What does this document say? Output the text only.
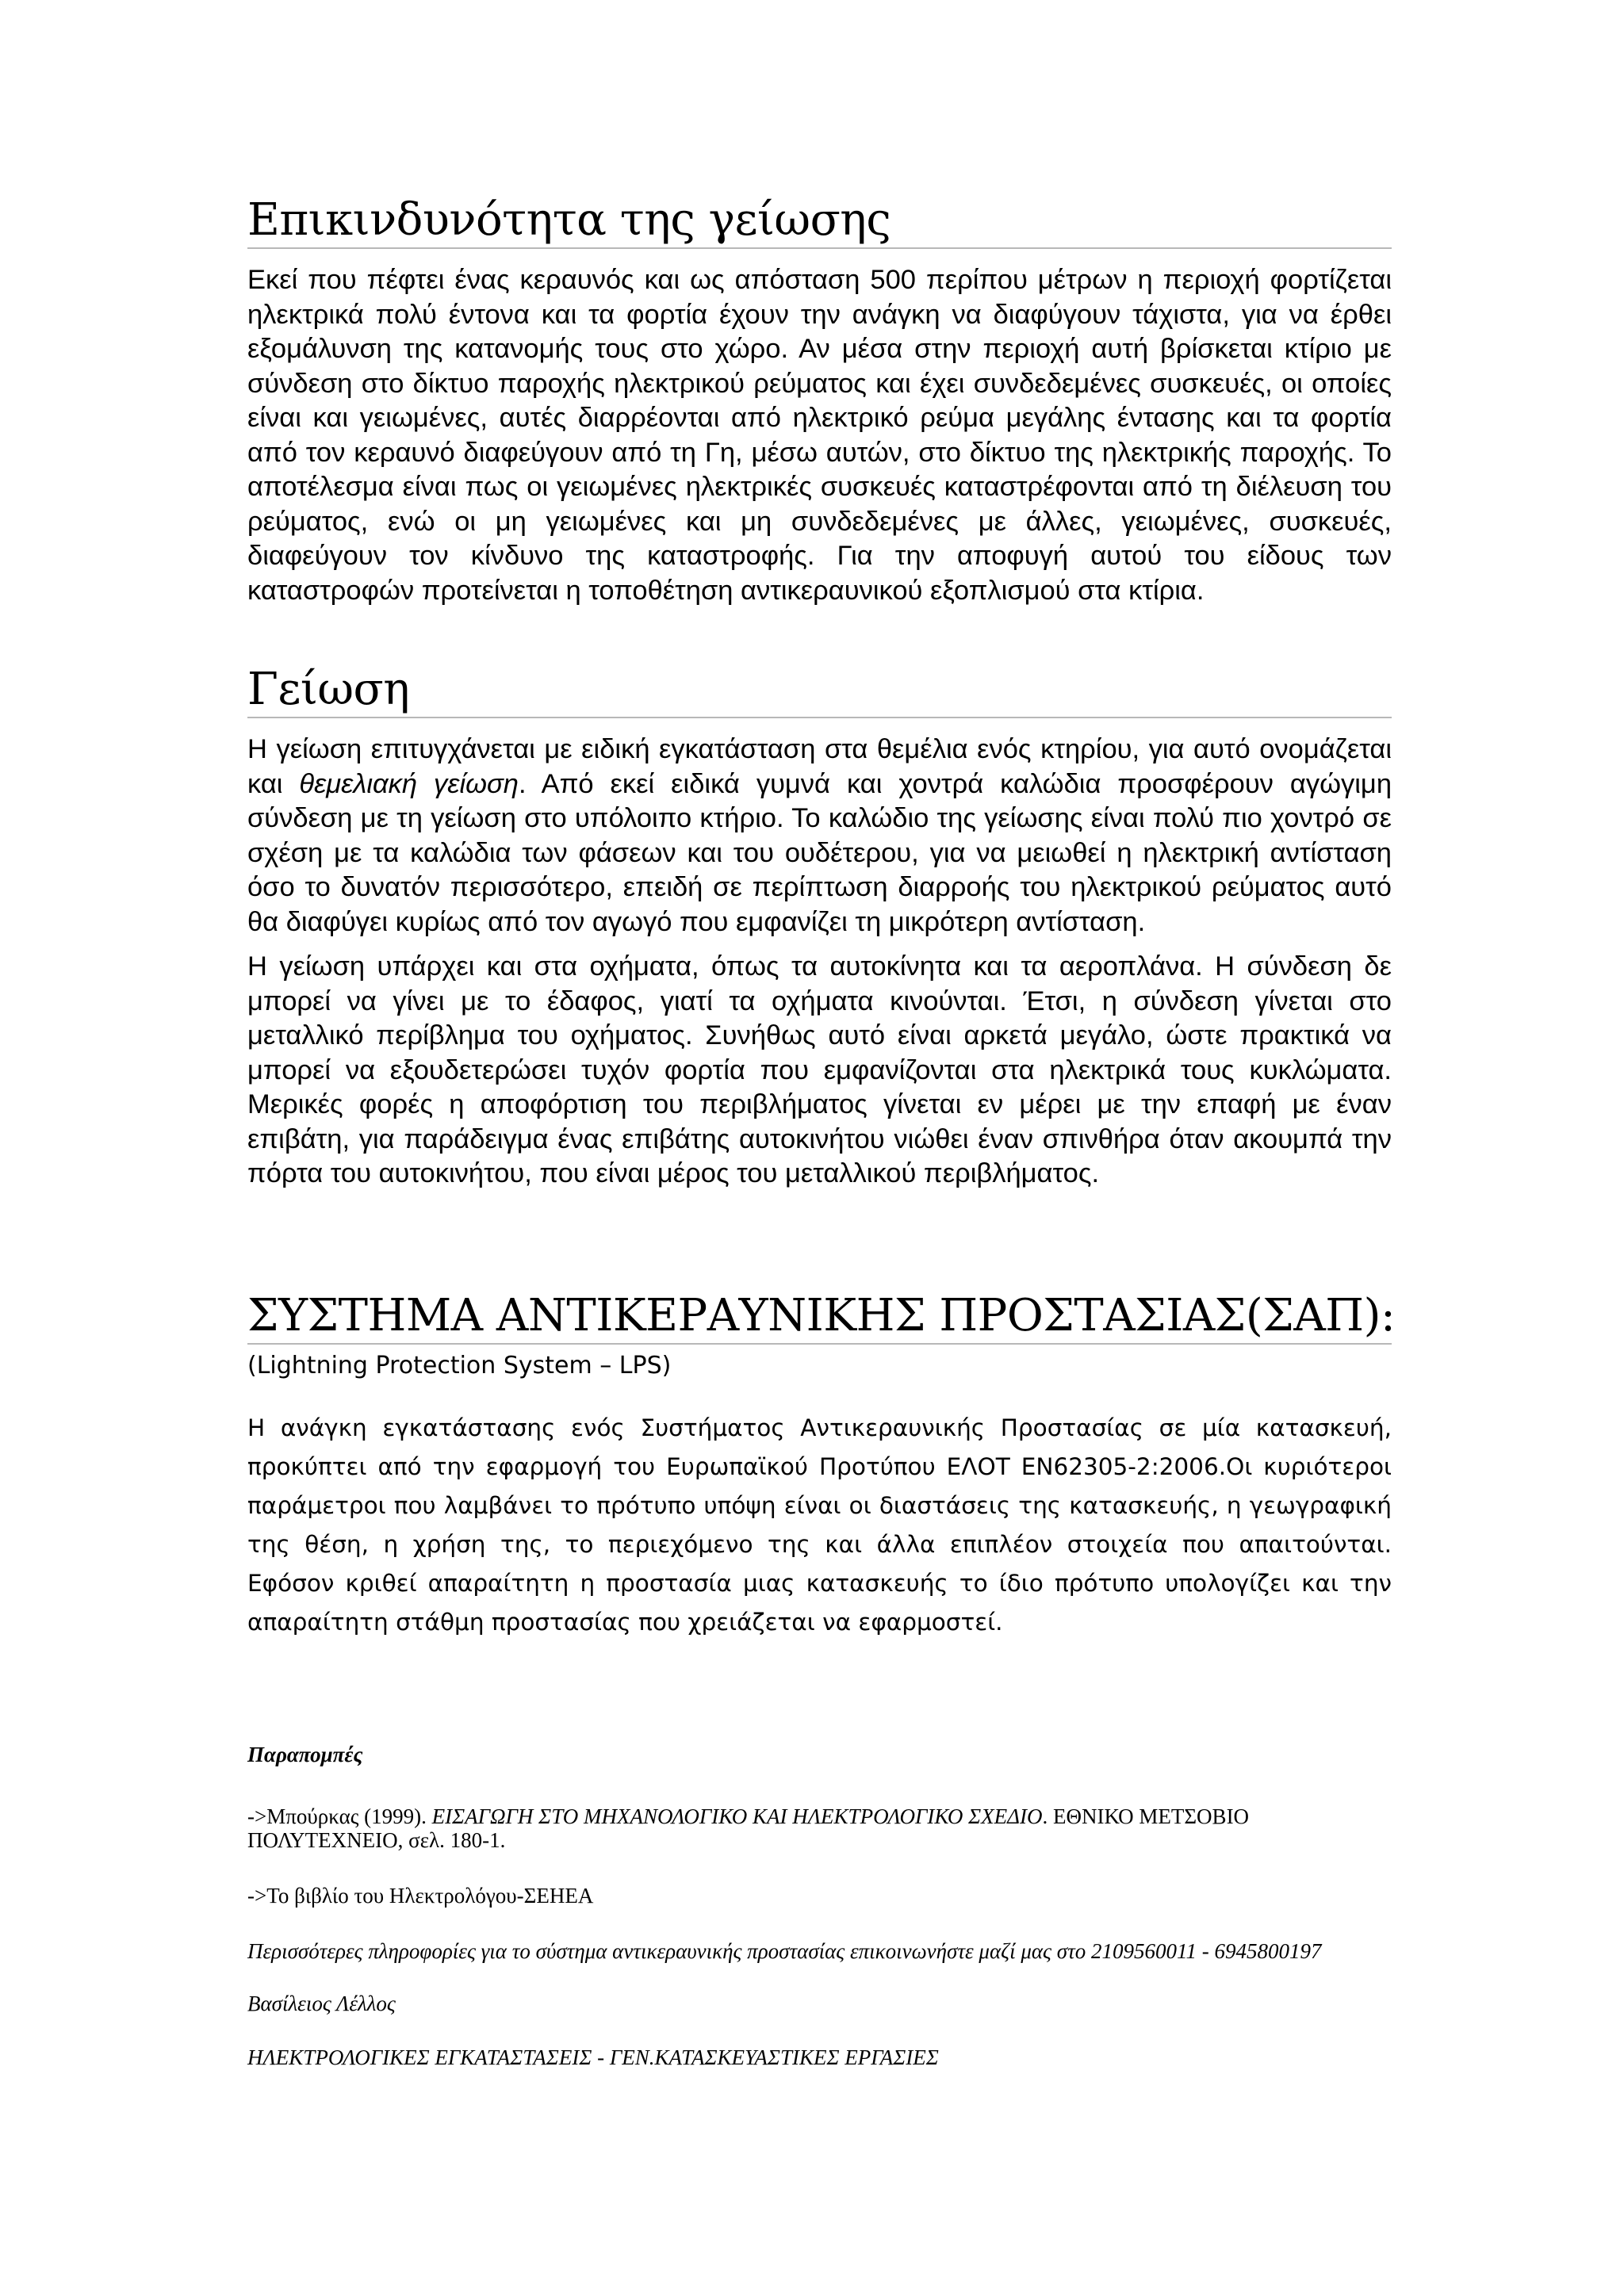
Επικινδυνότητα της γείωσης

Εκεί που πέφτει ένας κεραυνός και ως απόσταση 500 περίπου μέτρων η περιοχή φορτίζεται ηλεκτρικά πολύ έντονα και τα φορτία έχουν την ανάγκη να διαφύγουν τάχιστα, για να έρθει εξομάλυνση της κατανομής τους στο χώρο. Αν μέσα στην περιοχή αυτή βρίσκεται κτίριο με σύνδεση στο δίκτυο παροχής ηλεκτρικού ρεύματος και έχει συνδεδεμένες συσκευές, οι οποίες είναι και γειωμένες, αυτές διαρρέονται από ηλεκτρικό ρεύμα μεγάλης έντασης και τα φορτία από τον κεραυνό διαφεύγουν από τη Γη, μέσω αυτών, στο δίκτυο της ηλεκτρικής παροχής. Το αποτέλεσμα είναι πως οι γειωμένες ηλεκτρικές συσκευές καταστρέφονται από τη διέλευση του ρεύματος, ενώ οι μη γειωμένες και μη συνδεδεμένες με άλλες, γειωμένες, συσκευές, διαφεύγουν τον κίνδυνο της καταστροφής. Για την αποφυγή αυτού του είδους των καταστροφών προτείνεται η τοποθέτηση αντικεραυνικού εξοπλισμού στα κτίρια.

Γείωση

Η γείωση επιτυγχάνεται με ειδική εγκατάσταση στα θεμέλια ενός κτηρίου, για αυτό ονομάζεται και θεμελιακή γείωση. Από εκεί ειδικά γυμνά και χοντρά καλώδια προσφέρουν αγώγιμη σύνδεση με τη γείωση στο υπόλοιπο κτήριο. Το καλώδιο της γείωσης είναι πολύ πιο χοντρό σε σχέση με τα καλώδια των φάσεων και του ουδέτερου, για να μειωθεί η ηλεκτρική αντίσταση όσο το δυνατόν περισσότερο, επειδή σε περίπτωση διαρροής του ηλεκτρικού ρεύματος αυτό θα διαφύγει κυρίως από τον αγωγό που εμφανίζει τη μικρότερη αντίσταση.

Η γείωση υπάρχει και στα οχήματα, όπως τα αυτοκίνητα και τα αεροπλάνα. Η σύνδεση δε μπορεί να γίνει με το έδαφος, γιατί τα οχήματα κινούνται. Έτσι, η σύνδεση γίνεται στο μεταλλικό περίβλημα του οχήματος. Συνήθως αυτό είναι αρκετά μεγάλο, ώστε πρακτικά να μπορεί να εξουδετερώσει τυχόν φορτία που εμφανίζονται στα ηλεκτρικά τους κυκλώματα. Μερικές φορές η αποφόρτιση του περιβλήματος γίνεται εν μέρει με την επαφή με έναν επιβάτη, για παράδειγμα ένας επιβάτης αυτοκινήτου νιώθει έναν σπινθήρα όταν ακουμπά την πόρτα του αυτοκινήτου, που είναι μέρος του μεταλλικού περιβλήματος.

ΣΥΣΤΗΜΑ ΑΝΤΙΚΕΡΑΥΝΙΚΗΣ ΠΡΟΣΤΑΣΙΑΣ(ΣΑΠ):

(Lightning Protection System – LPS)

Η ανάγκη εγκατάστασης ενός Συστήματος Αντικεραυνικής Προστασίας σε μία κατασκευή, προκύπτει από την εφαρμογή του Ευρωπαϊκού Προτύπου ΕΛΟΤ EN62305-2:2006.Οι κυριότεροι παράμετροι που λαμβάνει το πρότυπο υπόψη είναι οι διαστάσεις της κατασκευής, η γεωγραφική της θέση, η χρήση της, το περιεχόμενο της και άλλα επιπλέον στοιχεία που απαιτούνται. Εφόσον κριθεί απαραίτητη η προστασία μιας κατασκευής το ίδιο πρότυπο υπολογίζει και την απαραίτητη στάθμη προστασίας που χρειάζεται να εφαρμοστεί.

Παραπομπές

->Μπούρκας (1999). ΕΙΣΑΓΩΓΗ ΣΤΟ ΜΗΧΑΝΟΛΟΓΙΚΟ ΚΑΙ ΗΛΕΚΤΡΟΛΟΓΙΚΟ ΣΧΕΔΙΟ. ΕΘΝΙΚΟ ΜΕΤΣΟΒΙΟ ΠΟΛΥΤΕΧΝΕΙΟ, σελ. 180-1.

->Το βιβλίο του Ηλεκτρολόγου-ΣΕΗΕΑ

Περισσότερες πληροφορίες για το σύστημα αντικεραυνικής προστασίας επικοινωνήστε μαζί μας στο 2109560011 - 6945800197

Βασίλειος Λέλλος

ΗΛΕΚΤΡΟΛΟΓΙΚΕΣ ΕΓΚΑΤΑΣΤΑΣΕΙΣ - ΓΕΝ.ΚΑΤΑΣΚΕΥΑΣΤΙΚΕΣ ΕΡΓΑΣΙΕΣ
